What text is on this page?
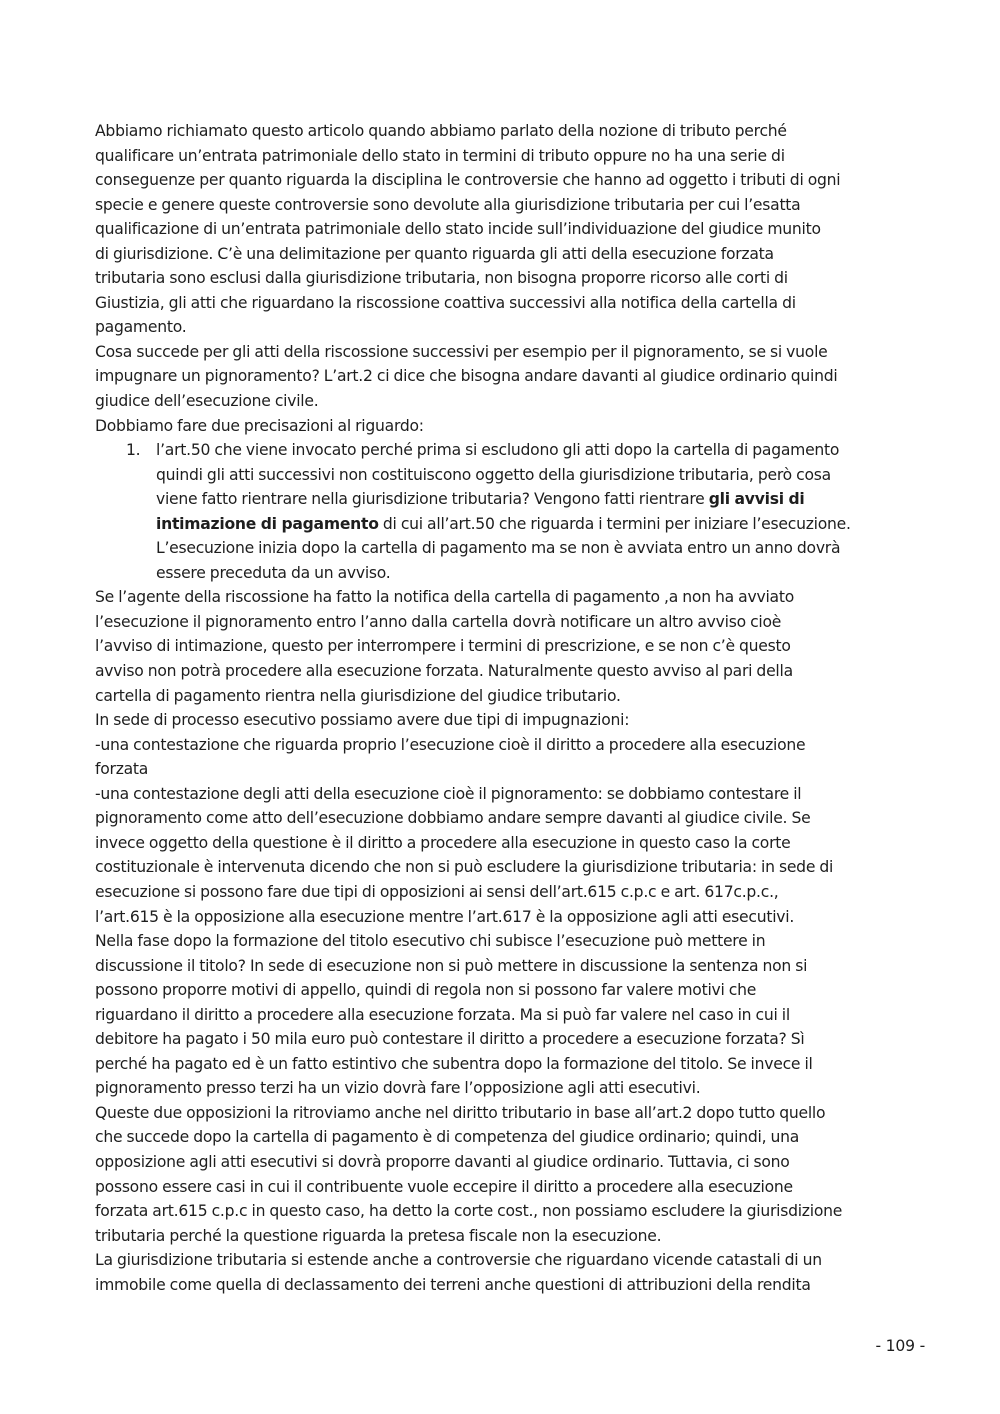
Abbiamo richiamato questo articolo quando abbiamo parlato della nozione di tributo perché
qualificare un’entrata patrimoniale dello stato in termini di tributo oppure no ha una serie di
conseguenze per quanto riguarda la disciplina le controversie che hanno ad oggetto i tributi di ogni
specie e genere queste controversie sono devolute alla giurisdizione tributaria per cui l’esatta
qualificazione di un’entrata patrimoniale dello stato incide sull’individuazione del giudice munito
di giurisdizione. C’è una delimitazione per quanto riguarda gli atti della esecuzione forzata
tributaria sono esclusi dalla giurisdizione tributaria, non bisogna proporre ricorso alle corti di
Giustizia, gli atti che riguardano la riscossione coattiva successivi alla notifica della cartella di
pagamento.
Cosa succede per gli atti della riscossione successivi per esempio per il pignoramento, se si vuole
impugnare un pignoramento? L’art.2 ci dice che bisogna andare davanti al giudice ordinario quindi
giudice dell’esecuzione civile.
Dobbiamo fare due precisazioni al riguardo:
1. l’art.50 che viene invocato perché prima si escludono gli atti dopo la cartella di pagamento
quindi gli atti successivi non costituiscono oggetto della giurisdizione tributaria, però cosa
viene fatto rientrare nella giurisdizione tributaria? Vengono fatti rientrare gli avvisi di
intimazione di pagamento di cui all’art.50 che riguarda i termini per iniziare l’esecuzione.
L’esecuzione inizia dopo la cartella di pagamento ma se non è avviata entro un anno dovrà
essere preceduta da un avviso.
Se l’agente della riscossione ha fatto la notifica della cartella di pagamento ,a non ha avviato
l’esecuzione il pignoramento entro l’anno dalla cartella dovrà notificare un altro avviso cioè
l’avviso di intimazione, questo per interrompere i termini di prescrizione, e se non c’è questo
avviso non potrà procedere alla esecuzione forzata. Naturalmente questo avviso al pari della
cartella di pagamento rientra nella giurisdizione del giudice tributario.
In sede di processo esecutivo possiamo avere due tipi di impugnazioni:
-una contestazione che riguarda proprio l’esecuzione cioè il diritto a procedere alla esecuzione
forzata
-una contestazione degli atti della esecuzione cioè il pignoramento: se dobbiamo contestare il
pignoramento come atto dell’esecuzione dobbiamo andare sempre davanti al giudice civile. Se
invece oggetto della questione è il diritto a procedere alla esecuzione in questo caso la corte
costituzionale è intervenuta dicendo che non si può escludere la giurisdizione tributaria: in sede di
esecuzione si possono fare due tipi di opposizioni ai sensi dell’art.615 c.p.c e art. 617c.p.c.,
l’art.615 è la opposizione alla esecuzione mentre l’art.617 è la opposizione agli atti esecutivi.
Nella fase dopo la formazione del titolo esecutivo chi subisce l’esecuzione può mettere in
discussione il titolo? In sede di esecuzione non si può mettere in discussione la sentenza non si
possono proporre motivi di appello, quindi di regola non si possono far valere motivi che
riguardano il diritto a procedere alla esecuzione forzata. Ma si può far valere nel caso in cui il
debitore ha pagato i 50 mila euro può contestare il diritto a procedere a esecuzione forzata? Sì
perché ha pagato ed è un fatto estintivo che subentra dopo la formazione del titolo. Se invece il
pignoramento presso terzi ha un vizio dovrà fare l’opposizione agli atti esecutivi.
Queste due opposizioni la ritroviamo anche nel diritto tributario in base all’art.2 dopo tutto quello
che succede dopo la cartella di pagamento è di competenza del giudice ordinario; quindi, una
opposizione agli atti esecutivi si dovrà proporre davanti al giudice ordinario. Tuttavia, ci sono
possono essere casi in cui il contribuente vuole eccepire il diritto a procedere alla esecuzione
forzata art.615 c.p.c in questo caso, ha detto la corte cost., non possiamo escludere la giurisdizione
tributaria perché la questione riguarda la pretesa fiscale non la esecuzione.
La giurisdizione tributaria si estende anche a controversie che riguardano vicende catastali di un
immobile come quella di declassamento dei terreni anche questioni di attribuzioni della rendita
- 109 -
